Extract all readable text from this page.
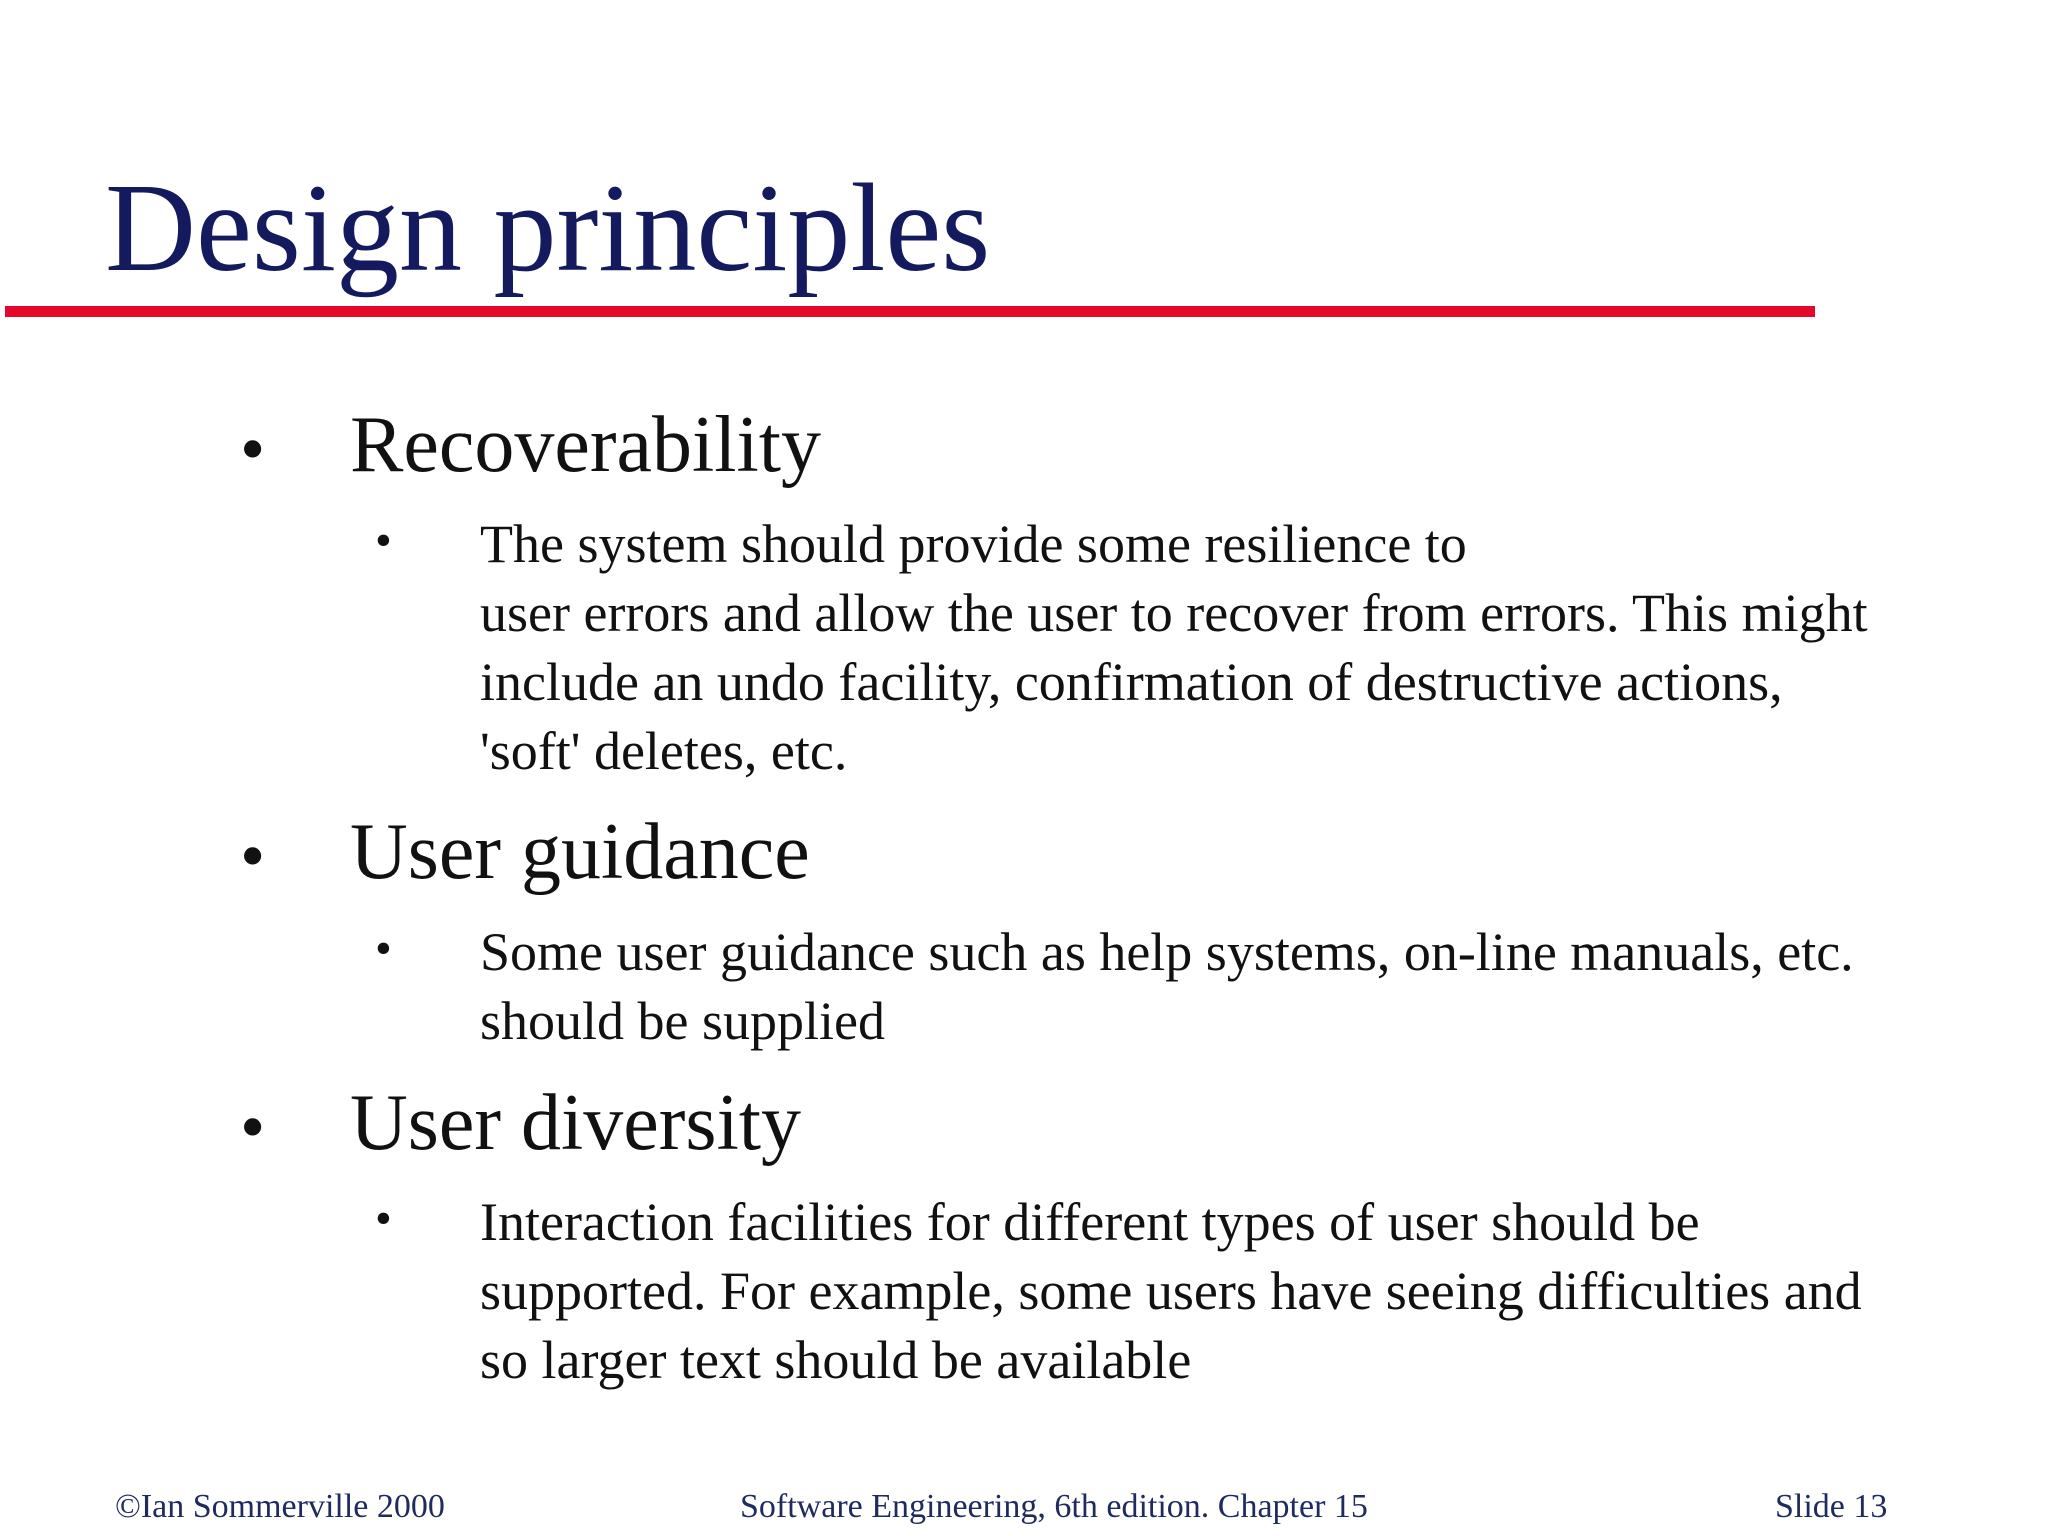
Design principles
• Recoverability
• The system should provide some resilience to
user errors and allow the user to recover from errors. This might
include an undo facility, confirmation of destructive actions,
'soft' deletes, etc.
• User guidance
• Some user guidance such as help systems, on-line manuals, etc.
should be supplied
• User diversity
• Interaction facilities for different types of user should be
supported. For example, some users have seeing difficulties and
so larger text should be available
©Ian Sommerville 2000	Software Engineering, 6th edition. Chapter 15	Slide 13
